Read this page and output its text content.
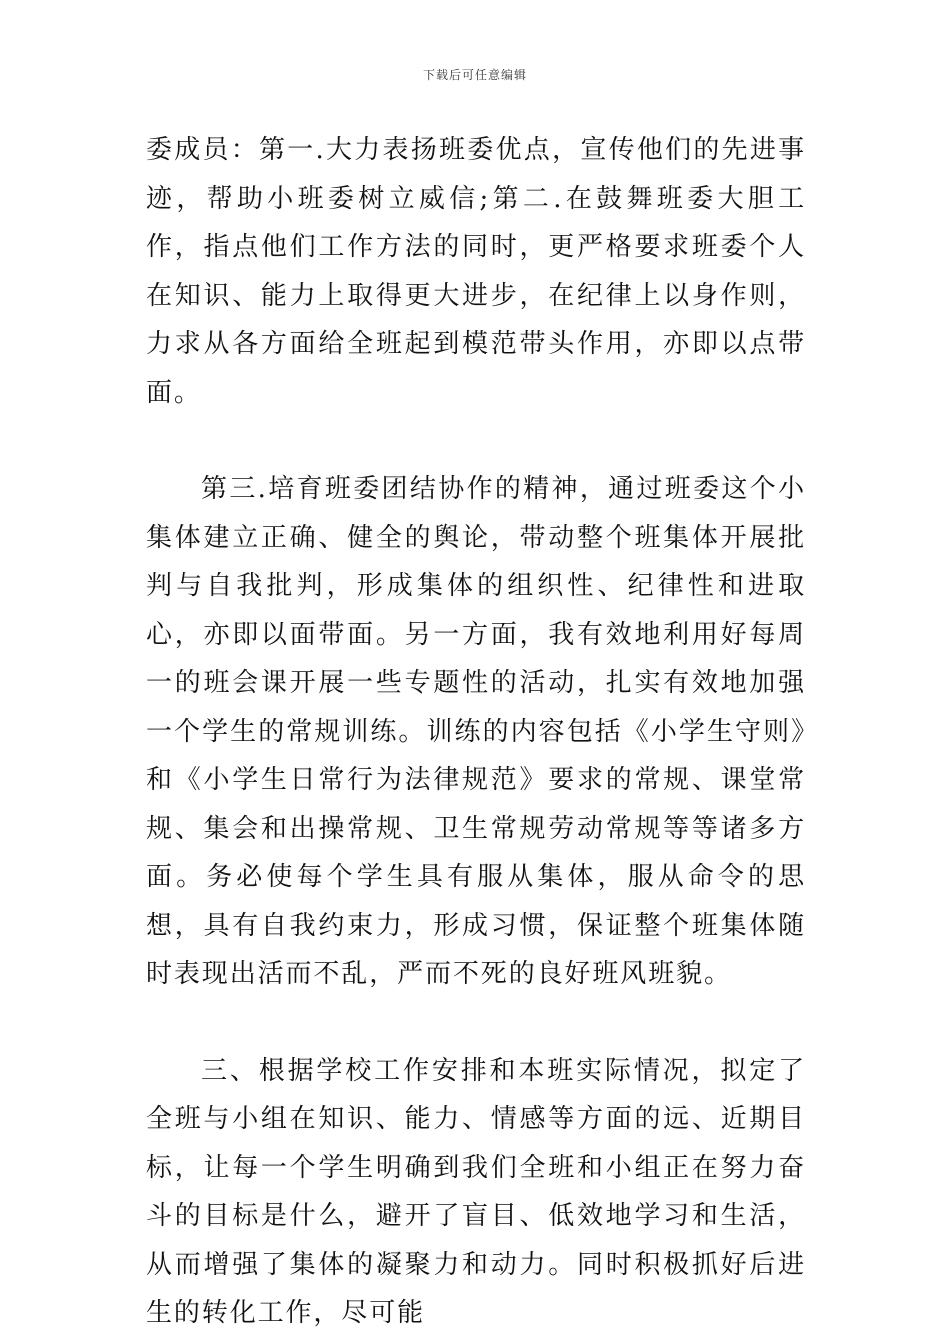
下载后可任意编辑

委成员：第一.大力表扬班委优点，宣传他们的先进事迹，帮助小班委树立威信;第二.在鼓舞班委大胆工作，指点他们工作方法的同时，更严格要求班委个人在知识、能力上取得更大进步，在纪律上以身作则，力求从各方面给全班起到模范带头作用，亦即以点带面。

第三.培育班委团结协作的精神，通过班委这个小集体建立正确、健全的舆论，带动整个班集体开展批判与自我批判，形成集体的组织性、纪律性和进取心，亦即以面带面。另一方面，我有效地利用好每周一的班会课开展一些专题性的活动，扎实有效地加强一个学生的常规训练。训练的内容包括《小学生守则》和《小学生日常行为法律规范》要求的常规、课堂常规、集会和出操常规、卫生常规劳动常规等等诸多方面。务必使每个学生具有服从集体，服从命令的思想，具有自我约束力，形成习惯，保证整个班集体随时表现出活而不乱，严而不死的良好班风班貌。

三、根据学校工作安排和本班实际情况，拟定了全班与小组在知识、能力、情感等方面的远、近期目标，让每一个学生明确到我们全班和小组正在努力奋斗的目标是什么，避开了盲目、低效地学习和生活，从而增强了集体的凝聚力和动力。同时积极抓好后进生的转化工作，尽可能
